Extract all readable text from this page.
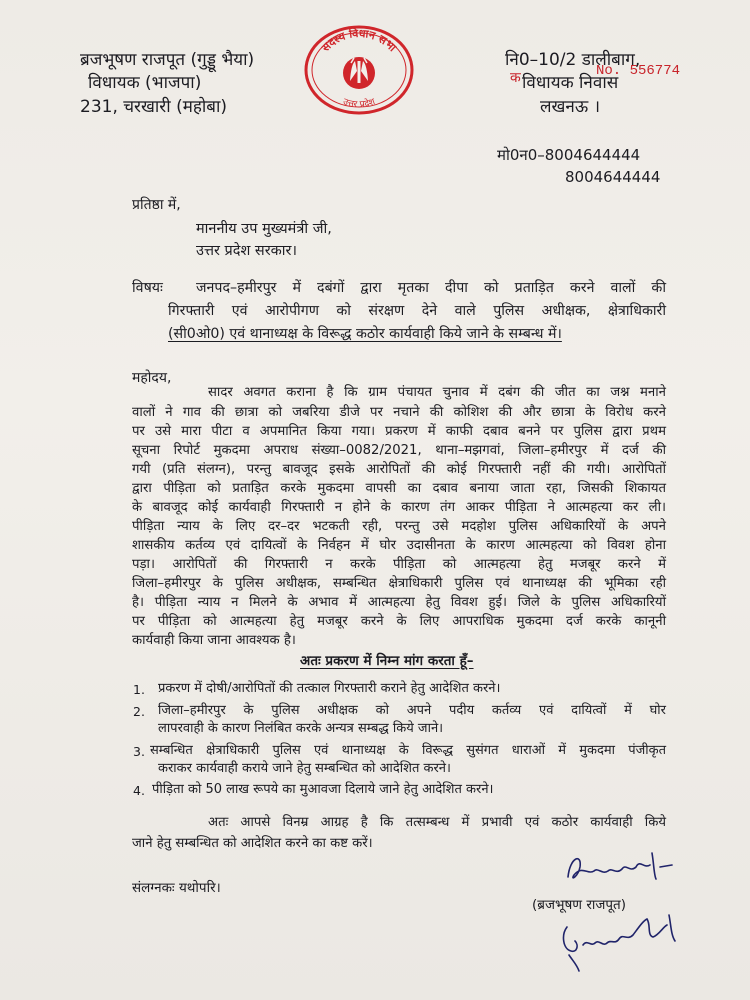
ब्रजभूषण राजपूत (गुड्डू भैया)
विधायक (भाजपा)
231, चरखारी (महोबा)
सदस्य विधान सभा
उत्तर प्रदेश
नि0–10/2 डालीबाग,
क	No. 556774
विधायक निवास
लखनऊ ।
मो0न0–8004644444
8004644444
प्रतिष्ठा में,
माननीय उप मुख्यमंत्री जी,
उत्तर प्रदेश सरकार।
विषयः जनपद–हमीरपुर में दबंगों द्वारा मृतका दीपा को प्रताड़ित करने वालों की
गिरफ्तारी एवं आरोपीगण को संरक्षण देने वाले पुलिस अधीक्षक, क्षेत्राधिकारी
(सी0ओ0) एवं थानाध्यक्ष के विरूद्ध कठोर कार्यवाही किये जाने के सम्बन्ध में।
महोदय,
सादर अवगत कराना है कि ग्राम पंचायत चुनाव में दबंग की जीत का जश्न मनाने
वालों ने गाव की छात्रा को जबरिया डीजे पर नचाने की कोशिश की और छात्रा के विरोध करने
पर उसे मारा पीटा व अपमानित किया गया। प्रकरण में काफी दबाव बनने पर पुलिस द्वारा प्रथम
सूचना रिपोर्ट मुकदमा अपराध संख्या–0082/2021, थाना–मझगवां, जिला–हमीरपुर में दर्ज की
गयी (प्रति संलग्न), परन्तु बावजूद इसके आरोपितों की कोई गिरफ्तारी नहीं की गयी। आरोपितों
द्वारा पीड़िता को प्रताड़ित करके मुकदमा वापसी का दबाव बनाया जाता रहा, जिसकी शिकायत
के बावजूद कोई कार्यवाही गिरफ्तारी न होने के कारण तंग आकर पीड़िता ने आत्महत्या कर ली।
पीड़िता न्याय के लिए दर–दर भटकती रही, परन्तु उसे मदहोश पुलिस अधिकारियों के अपने
शासकीय कर्तव्य एवं दायित्वों के निर्वहन में घोर उदासीनता के कारण आत्महत्या को विवश होना
पड़ा। आरोपितों की गिरफ्तारी न करके पीड़िता को आत्महत्या हेतु मजबूर करने में
जिला–हमीरपुर के पुलिस अधीक्षक, सम्बन्धित क्षेत्राधिकारी पुलिस एवं थानाध्यक्ष की भूमिका रही
है। पीड़िता न्याय न मिलने के अभाव में आत्महत्या हेतु विवश हुई। जिले के पुलिस अधिकारियों
पर पीड़िता को आत्महत्या हेतु मजबूर करने के लिए आपराधिक मुकदमा दर्ज करके कानूनी
कार्यवाही किया जाना आवश्यक है।
अतः प्रकरण में निम्न मांग करता हूँ–
1. प्रकरण में दोषी/आरोपितों की तत्काल गिरफ्तारी कराने हेतु आदेशित करने।
2. जिला–हमीरपुर के पुलिस अधीक्षक को अपने पदीय कर्तव्य एवं दायित्वों में घोर
लापरवाही के कारण निलंबित करके अन्यत्र सम्बद्ध किये जाने।
3. सम्बन्धित क्षेत्राधिकारी पुलिस एवं थानाध्यक्ष के विरूद्ध सुसंगत धाराओं में मुकदमा पंजीकृत
कराकर कार्यवाही कराये जाने हेतु सम्बन्धित को आदेशित करने।
4. पीड़िता को 50 लाख रूपये का मुआवजा दिलाये जाने हेतु आदेशित करने।
अतः आपसे विनम्र आग्रह है कि तत्सम्बन्ध में प्रभावी एवं कठोर कार्यवाही किये
जाने हेतु सम्बन्धित को आदेशित करने का कष्ट करें।
संलग्नकः यथोपरि।
(ब्रजभूषण राजपूत)
